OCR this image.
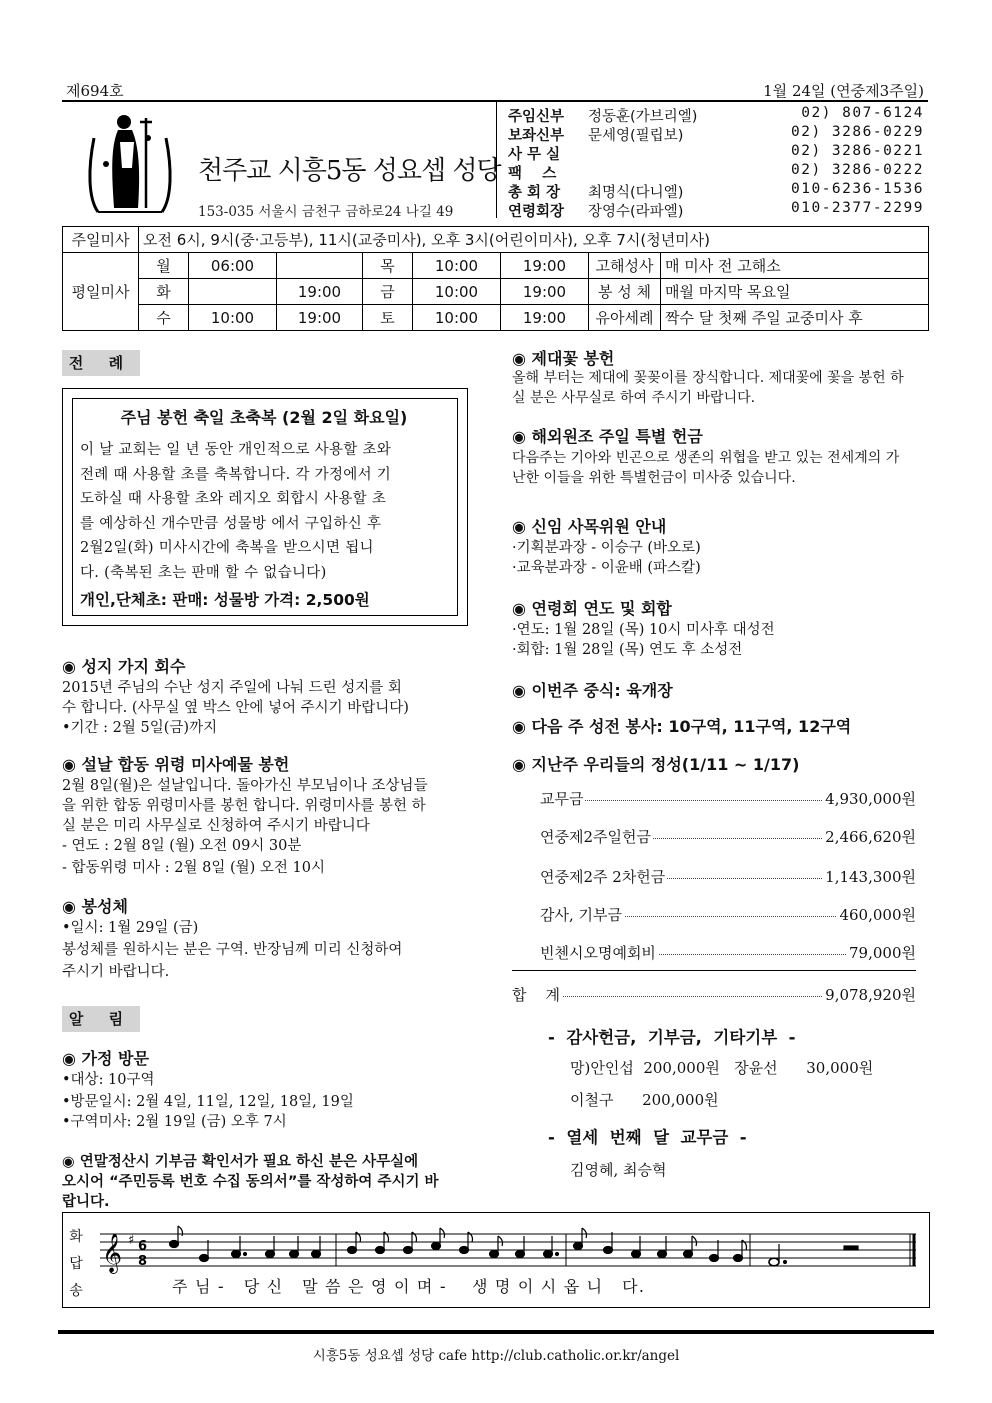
제694호	1월 24일 (연중제3주일)
천주교 시흥5동 성요셉 성당
153-035 서울시 금천구 금하로24 나길 49
주임신부 정동훈(가브리엘)	02) 807-6124
보좌신부 문세영(필립보)	02) 3286-0229
사 무 실	02) 3286-0221
팩    스	02) 3286-0222
총 회 장 최명식(다니엘)	010-6236-1536
연령회장 장영수(라파엘)	010-2377-2299
주일미사	오전 6시, 9시(중·고등부), 11시(교중미사), 오후 3시(어린이미사), 오후 7시(청년미사)							
평일미사	월	06:00		목	10:00	19:00	고해성사	매 미사 전 고해소
	화		19:00	금	10:00	19:00	봉 성 체	매월 마지막 목요일
	수	10:00	19:00	토	10:00	19:00	유아세례	짝수 달 첫째 주일 교중미사 후
전 례
주님 봉헌 축일 초축복 (2월 2일 화요일)
이 날 교회는 일 년 동안 개인적으로 사용할 초와
전례 때 사용할 초를 축복합니다. 각 가정에서 기
도하실 때 사용할 초와 레지오 회합시 사용할 초
를 예상하신 개수만큼 성물방 에서 구입하신 후
2월2일(화) 미사시간에 축복을 받으시면 됩니
다. (축복된 초는 판매 할 수 없습니다)
개인,단체초: 판매: 성물방 가격: 2,500원
◉ 성지 가지 회수
2015년 주님의 수난 성지 주일에 나눠 드린 성지를 회
수 합니다. (사무실 옆 박스 안에 넣어 주시기 바랍니다)
•기간 : 2월 5일(금)까지
◉ 설날 합동 위령 미사예물 봉헌
2월 8일(월)은 설날입니다. 돌아가신 부모님이나 조상님들
을 위한 합동 위령미사를 봉헌 합니다. 위령미사를 봉헌 하
실 분은 미리 사무실로 신청하여 주시기 바랍니다
- 연도 : 2월 8일 (월) 오전 09시 30분
- 합동위령 미사 : 2월 8일 (월) 오전 10시
◉ 봉성체
•일시: 1월 29일 (금)
봉성체를 원하시는 분은 구역. 반장님께 미리 신청하여
주시기 바랍니다.
알 림
◉ 가정 방문
•대상: 10구역
•방문일시: 2월 4일, 11일, 12일, 18일, 19일
•구역미사: 2월 19일 (금) 오후 7시
◉ 연말정산시 기부금 확인서가 필요 하신 분은 사무실에
오시어 “주민등록 번호 수집 동의서”를 작성하여 주시기 바
랍니다.
◉ 제대꽃 봉헌
올해 부터는 제대에 꽃꽂이를 장식합니다. 제대꽃에 꽃을 봉헌 하
실 분은 사무실로 하여 주시기 바랍니다.
◉ 해외원조 주일 특별 헌금
다음주는 기아와 빈곤으로 생존의 위협을 받고 있는 전세계의 가
난한 이들을 위한 특별헌금이 미사중 있습니다.
◉ 신임 사목위원 안내
·기획분과장 - 이승구 (바오로)
·교육분과장 - 이윤배 (파스칼)
◉ 연령회 연도 및 회합
·연도: 1월 28일 (목) 10시 미사후 대성전
·회합: 1월 28일 (목) 연도 후 소성전
◉ 이번주 중식: 육개장
◉ 다음 주 성전 봉사: 10구역, 11구역, 12구역
◉ 지난주 우리들의 정성(1/11 ~ 1/17)
교무금	4,930,000원
연중제2주일헌금	2,466,620원
연중제2주 2차헌금	1,143,300원
감사, 기부금	460,000원
빈첸시오명예회비	79,000원
합    계	9,078,920원
-  감사헌금,  기부금,  기타기부  -
망)안인섭  200,000원   장윤선      30,000원
이철구      200,000원
-  열세  번째  달  교무금  -
김영혜, 최승혁
화
답
송
𝄞 ♯ 6
8
주 님 -   당 신   말 씀 은 영 이 며 -    생 명 이 시 옵 니   다.
시흥5동 성요셉 성당 cafe http://club.catholic.or.kr/angel
